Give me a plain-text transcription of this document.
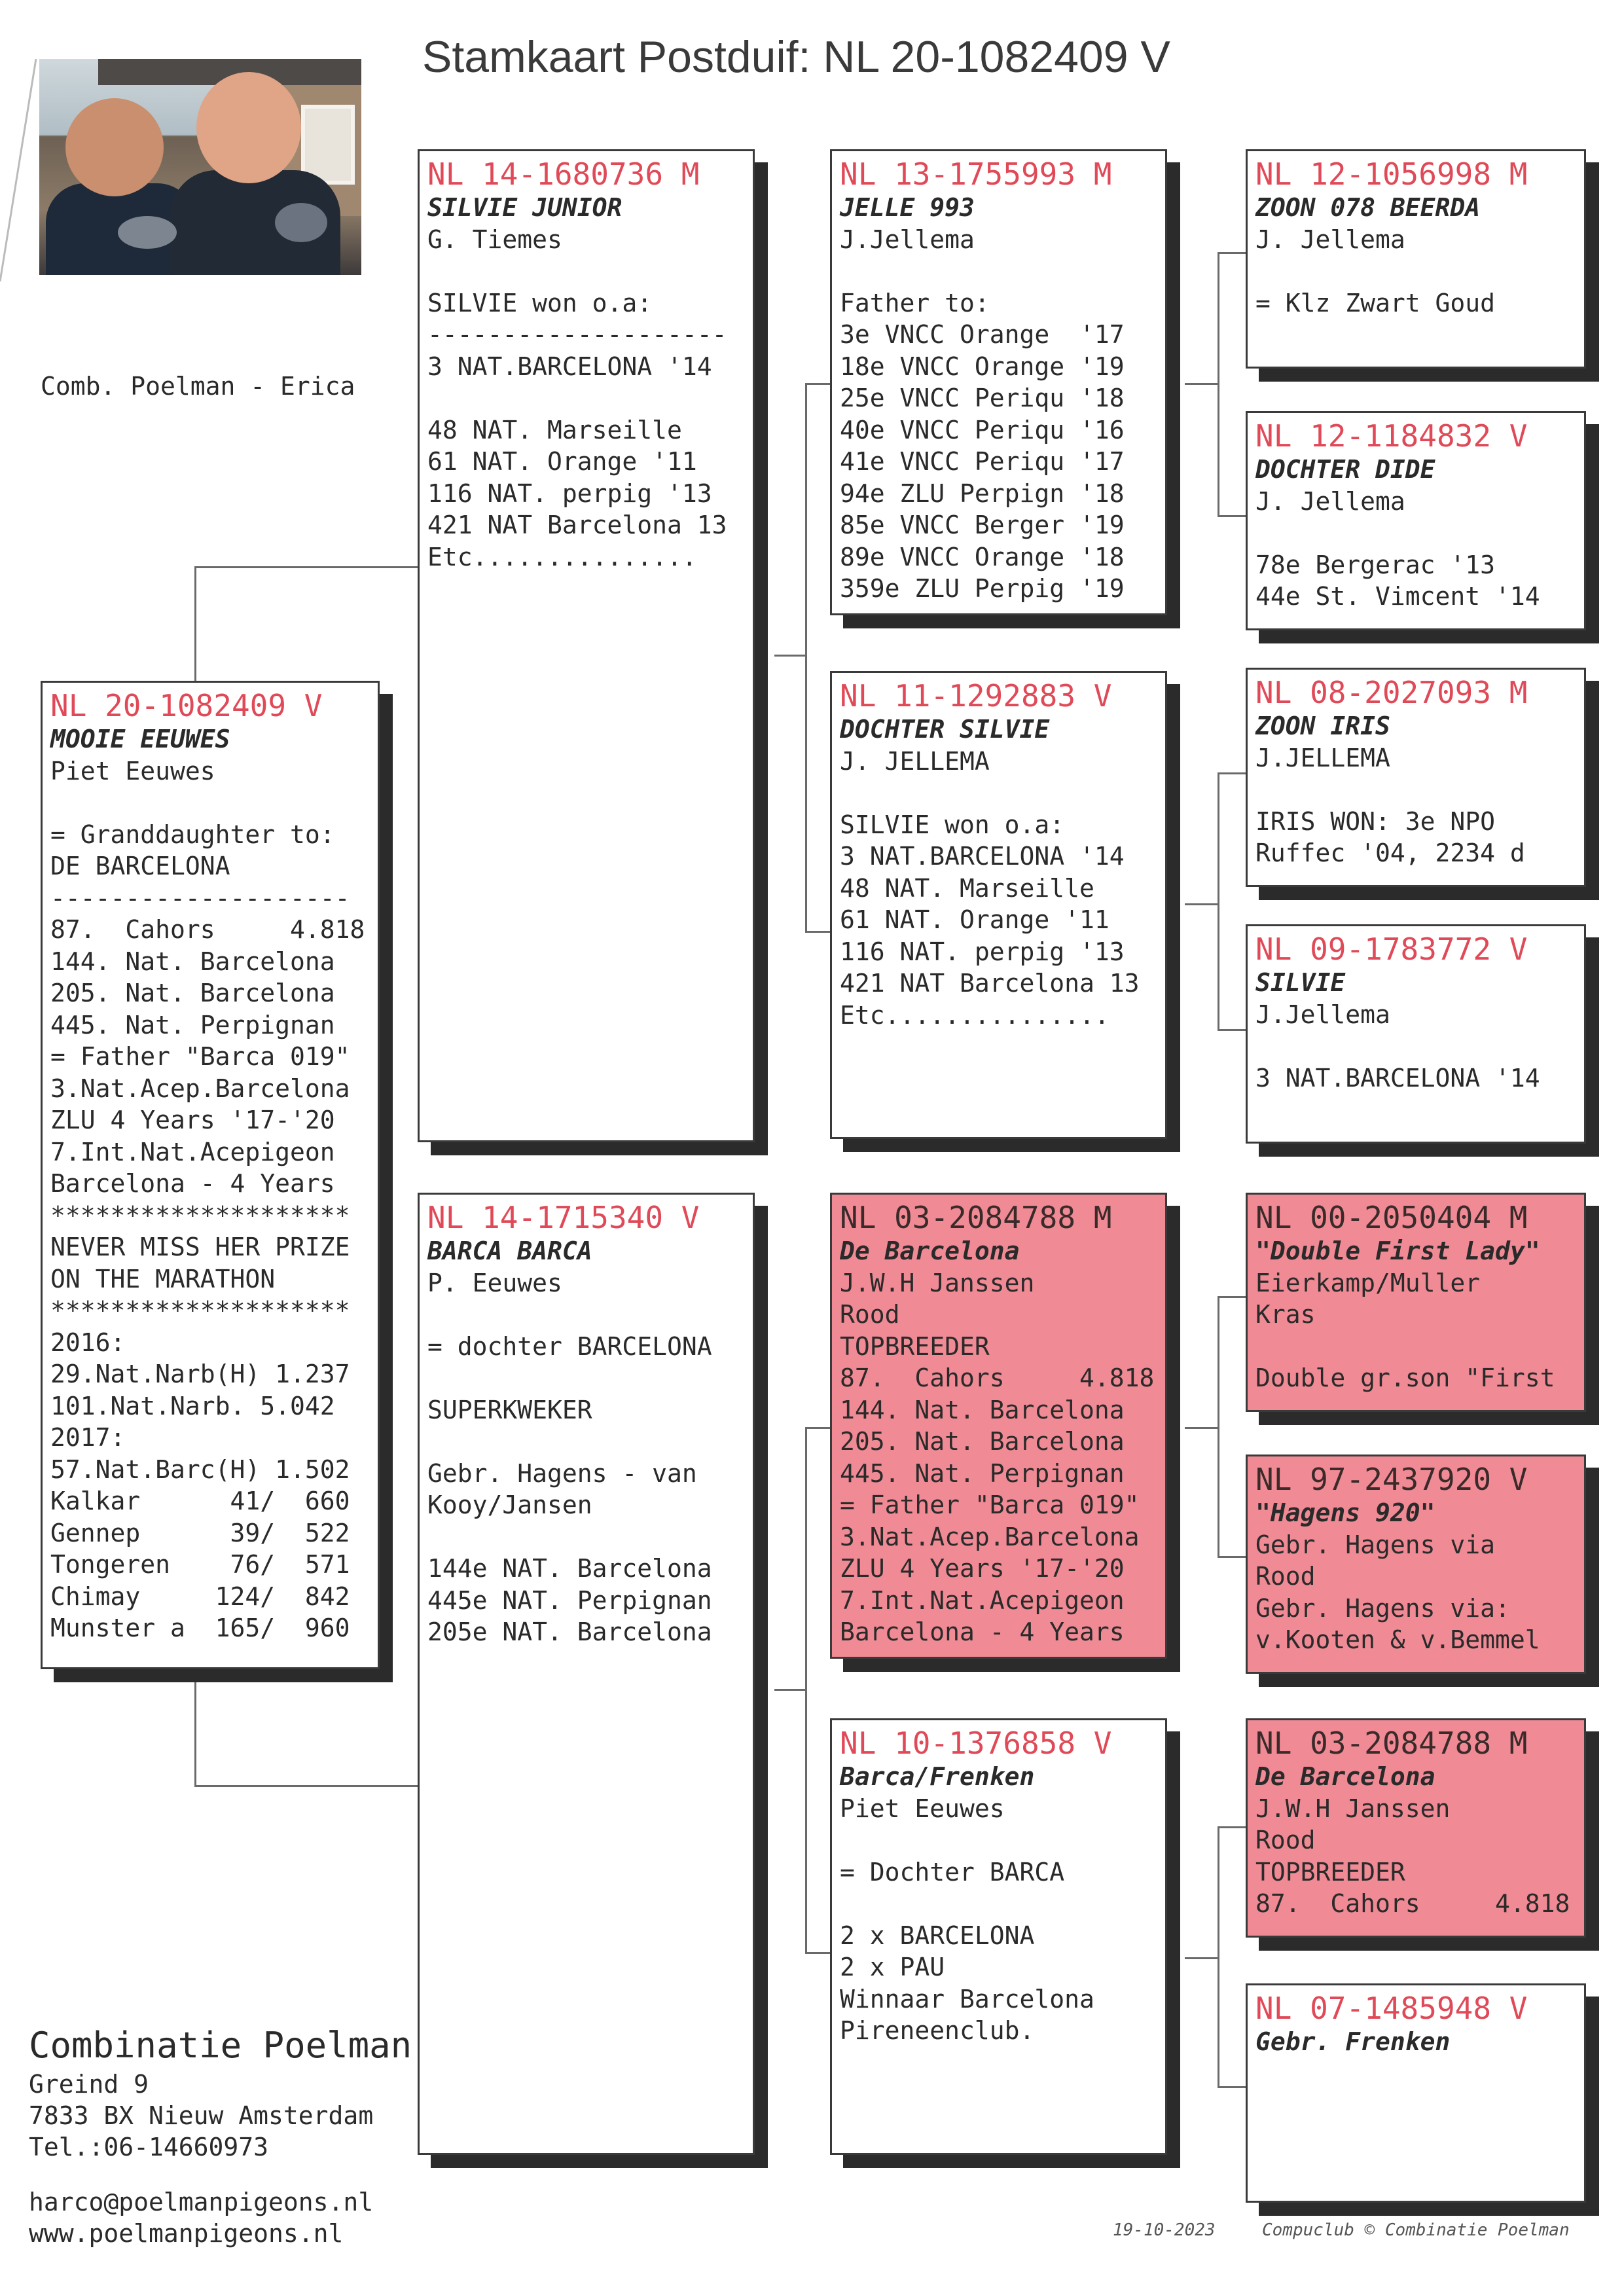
Stamkaart Postduif: NL 20-1082409 V
Comb. Poelman - Erica
NL 20-1082409 V
MOOIE EEUWES
Piet Eeuwes
= Granddaughter to:
DE BARCELONA
--------------------
87.  Cahors     4.818
144. Nat. Barcelona
205. Nat. Barcelona
445. Nat. Perpignan
= Father "Barca 019"
3.Nat.Acep.Barcelona
ZLU 4 Years '17-'20
7.Int.Nat.Acepigeon
Barcelona - 4 Years
********************
NEVER MISS HER PRIZE
ON THE MARATHON
********************
2016:
29.Nat.Narb(H) 1.237
101.Nat.Narb. 5.042
2017:
57.Nat.Barc(H) 1.502
Kalkar      41/  660
Gennep      39/  522
Tongeren    76/  571
Chimay     124/  842
Munster a  165/  960
NL 14-1680736 M
SILVIE JUNIOR
G. Tiemes
SILVIE won o.a:
--------------------
3 NAT.BARCELONA '14
48 NAT. Marseille
61 NAT. Orange '11
116 NAT. perpig '13
421 NAT Barcelona 13
Etc...............
NL 14-1715340 V
BARCA BARCA
P. Eeuwes
= dochter BARCELONA
SUPERKWEKER
Gebr. Hagens - van
Kooy/Jansen
144e NAT. Barcelona
445e NAT. Perpignan
205e NAT. Barcelona
NL 13-1755993 M
JELLE 993
J.Jellema
Father to:
3e VNCC Orange  '17
18e VNCC Orange '19
25e VNCC Periqu '18
40e VNCC Periqu '16
41e VNCC Periqu '17
94e ZLU Perpign '18
85e VNCC Berger '19
89e VNCC Orange '18
359e ZLU Perpig '19
NL 11-1292883 V
DOCHTER SILVIE
J. JELLEMA
SILVIE won o.a:
3 NAT.BARCELONA '14
48 NAT. Marseille
61 NAT. Orange '11
116 NAT. perpig '13
421 NAT Barcelona 13
Etc...............
NL 03-2084788 M
De Barcelona
J.W.H Janssen
Rood
TOPBREEDER
87.  Cahors     4.818
144. Nat. Barcelona
205. Nat. Barcelona
445. Nat. Perpignan
= Father "Barca 019"
3.Nat.Acep.Barcelona
ZLU 4 Years '17-'20
7.Int.Nat.Acepigeon
Barcelona - 4 Years
NL 10-1376858 V
Barca/Frenken
Piet Eeuwes
= Dochter BARCA
2 x BARCELONA
2 x PAU
Winnaar Barcelona
Pireneenclub.
NL 12-1056998 M
ZOON 078 BEERDA
J. Jellema
= Klz Zwart Goud
NL 12-1184832 V
DOCHTER DIDE
J. Jellema
78e Bergerac '13
44e St. Vimcent '14
NL 08-2027093 M
ZOON IRIS
J.JELLEMA
IRIS WON: 3e NPO
Ruffec '04, 2234 d
NL 09-1783772 V
SILVIE
J.Jellema
3 NAT.BARCELONA '14
NL 00-2050404 M
"Double First Lady"
Eierkamp/Muller
Kras
Double gr.son "First
NL 97-2437920 V
"Hagens 920"
Gebr. Hagens via
Rood
Gebr. Hagens via:
v.Kooten & v.Bemmel
NL 03-2084788 M
De Barcelona
J.W.H Janssen
Rood
TOPBREEDER
87.  Cahors     4.818
NL 07-1485948 V
Gebr. Frenken
Combinatie Poelman
Greind 9
7833 BX Nieuw Amsterdam
Tel.:06-14660973
harco@poelmanpigeons.nl
www.poelmanpigeons.nl	19-10-2023	Compuclub © Combinatie Poelman
